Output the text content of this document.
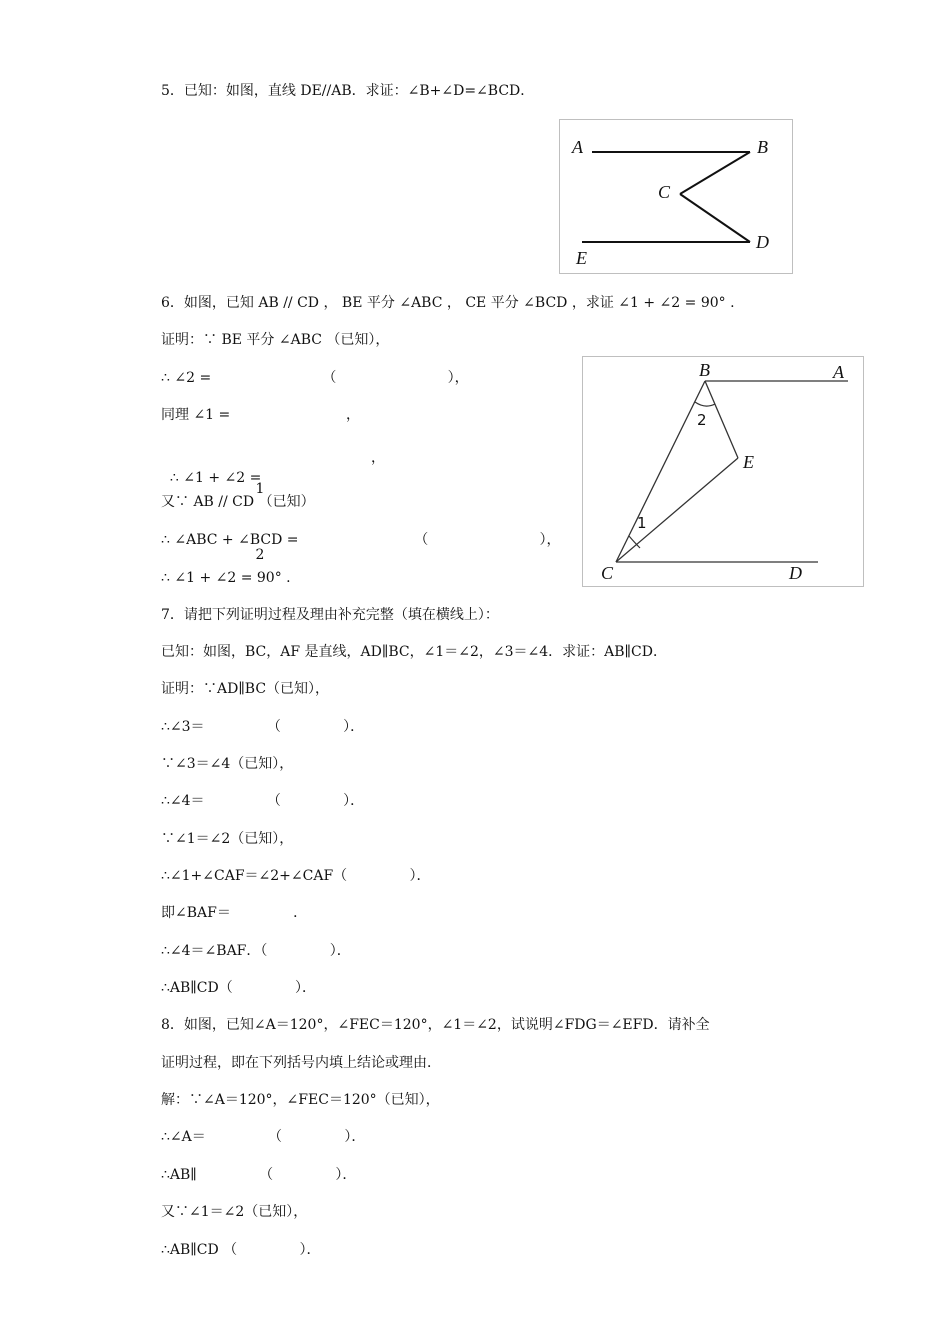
5．已知：如图，直线 DE//AB．求证：∠B+∠D=∠BCD．
A	B
C
D
E
6．如图，已知 AB // CD ， BE 平分 ∠ABC ， CE 平分 ∠BCD ，求证 ∠1 + ∠2 = 90° .
证明：∵ BE 平分 ∠ABC （已知），
∴ ∠2 =                         （                         ），
同理 ∠1 =                          ，

∴ ∠1 + ∠2 =

1

2

，

又∵ AB // CD （已知）
∴ ∠ABC + ∠BCD =                          （                         ），
∴ ∠1 + ∠2 = 90° .
B	A
2
E
1
C	D
7．请把下列证明过程及理由补充完整（填在横线上）：
已知：如图，BC，AF 是直线，AD∥BC，∠1＝∠2，∠3＝∠4．求证：AB∥CD．
证明：∵AD∥BC（已知），
∴∠3＝              （              ）．
∵∠3＝∠4（已知），
∴∠4＝              （              ）．
∵∠1＝∠2（已知），
∴∠1+∠CAF＝∠2+∠CAF（              ）．
即∠BAF＝              ．
∴∠4＝∠BAF．（              ）．
∴AB∥CD（              ）．
8．如图，已知∠A＝120°，∠FEC＝120°，∠1＝∠2，试说明∠FDG＝∠EFD．请补全
证明过程，即在下列括号内填上结论或理由．
解：∵∠A＝120°，∠FEC＝120°（已知），
∴∠A＝              （              ）．
∴AB∥              （              ）．
又∵∠1＝∠2（已知），
∴AB∥CD （              ）．
